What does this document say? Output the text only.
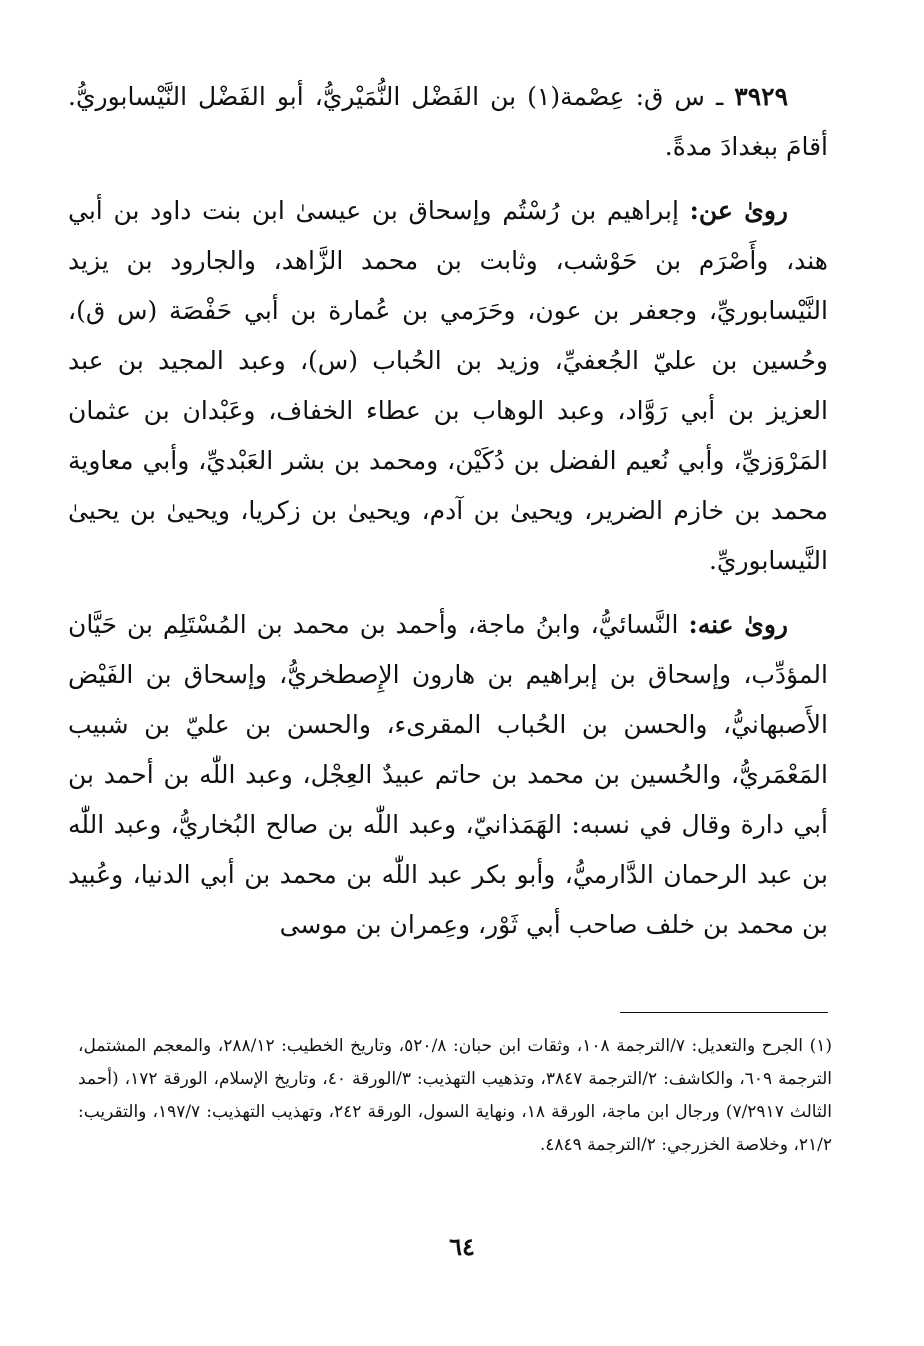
٣٩٢٩ ـ س ق: عِصْمة(١) بن الفَضْل النُّمَيْريُّ، أبو الفَضْل النَّيْسابوريُّ. أقامَ ببغدادَ مدةً.

روىٰ عن: إبراهيم بن رُسْتُم وإسحاق بن عيسىٰ ابن بنت داود بن أبي هند، وأَصْرَم بن حَوْشب، وثابت بن محمد الزَّاهد، والجارود بن يزيد النَّيْسابوريِّ، وجعفر بن عون، وحَرَمي بن عُمارة بن أبي حَفْصَة (س ق)، وحُسين بن عليّ الجُعفيِّ، وزيد بن الحُباب (س)، وعبد المجيد بن عبد العزيز بن أبي رَوَّاد، وعبد الوهاب بن عطاء الخفاف، وعَبْدان بن عثمان المَرْوَزيِّ، وأبي نُعيم الفضل بن دُكَيْن، ومحمد بن بشر العَبْديِّ، وأبي معاوية محمد بن خازم الضرير، ويحيىٰ بن آدم، ويحيىٰ بن زكريا، ويحيىٰ بن يحيىٰ النَّيسابوريِّ.

روىٰ عنه: النَّسائيُّ، وابنُ ماجة، وأحمد بن محمد بن المُسْتَلِم بن حَيَّان المؤدِّب، وإسحاق بن إبراهيم بن هارون الإِصطخريُّ، وإسحاق بن الفَيْض الأَصبهانيُّ، والحسن بن الحُباب المقرىء، والحسن بن عليّ بن شبيب المَعْمَريُّ، والحُسين بن محمد بن حاتم عبيدٌ العِجْل، وعبد اللّٰه بن أحمد بن أبي دارة وقال في نسبه: الهَمَذانيّ، وعبد اللّٰه بن صالح البُخاريُّ، وعبد اللّٰه بن عبد الرحمان الدَّارميُّ، وأبو بكر عبد اللّٰه بن محمد بن أبي الدنيا، وعُبيد بن محمد بن خلف صاحب أبي ثَوْر، وعِمران بن موسى

(١) الجرح والتعديل: ٧/الترجمة ١٠٨، وثقات ابن حبان: ٥٢٠/٨، وتاريخ الخطيب: ٢٨٨/١٢، والمعجم المشتمل، الترجمة ٦٠٩، والكاشف: ٢/الترجمة ٣٨٤٧، وتذهيب التهذيب: ٣/الورقة ٤٠، وتاريخ الإسلام، الورقة ١٧٢، (أحمد الثالث ٧/٢٩١٧) ورجال ابن ماجة، الورقة ١٨، ونهاية السول، الورقة ٢٤٢، وتهذيب التهذيب: ١٩٧/٧، والتقريب: ٢١/٢، وخلاصة الخزرجي: ٢/الترجمة ٤٨٤٩.
٦٤
